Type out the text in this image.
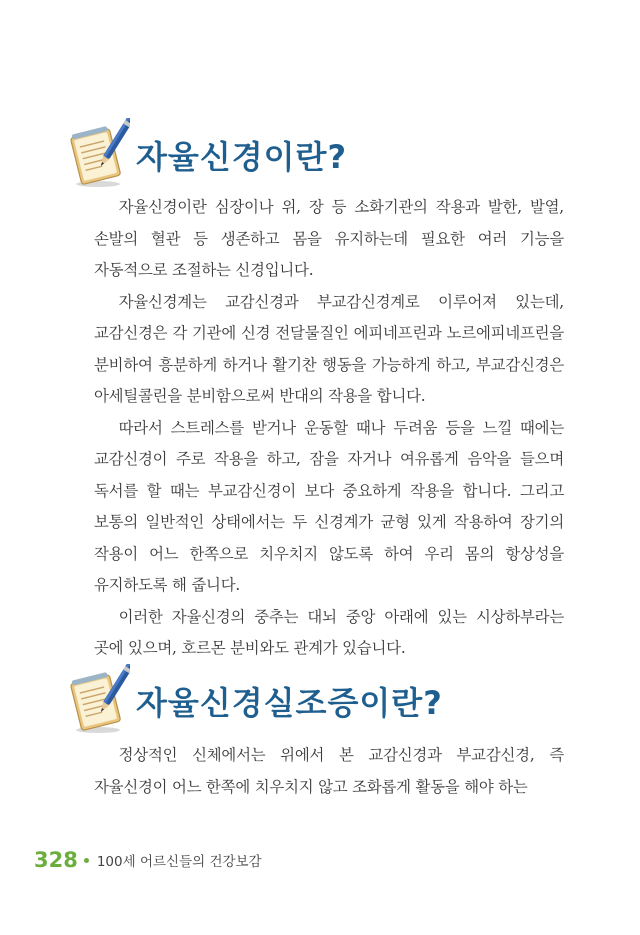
자율신경이란?

자율신경이란 심장이나 위, 장 등 소화기관의 작용과 발한, 발열, 손발의 혈관 등 생존하고 몸을 유지하는데 필요한 여러 기능을 자동적으로 조절하는 신경입니다.

자율신경계는 교감신경과 부교감신경계로 이루어져 있는데, 교감신경은 각 기관에 신경 전달물질인 에피네프린과 노르에피네프린을 분비하여 흥분하게 하거나 활기찬 행동을 가능하게 하고, 부교감신경은 아세틸콜린을 분비함으로써 반대의 작용을 합니다.

따라서 스트레스를 받거나 운동할 때나 두려움 등을 느낄 때에는 교감신경이 주로 작용을 하고, 잠을 자거나 여유롭게 음악을 들으며 독서를 할 때는 부교감신경이 보다 중요하게 작용을 합니다. 그리고 보통의 일반적인 상태에서는 두 신경계가 균형 있게 작용하여 장기의 작용이 어느 한쪽으로 치우치지 않도록 하여 우리 몸의 항상성을 유지하도록 해 줍니다.

이러한 자율신경의 중추는 대뇌 중앙 아래에 있는 시상하부라는 곳에 있으며, 호르몬 분비와도 관계가 있습니다.

자율신경실조증이란?

정상적인 신체에서는 위에서 본 교감신경과 부교감신경, 즉 자율신경이 어느 한쪽에 치우치지 않고 조화롭게 활동을 해야 하는

328 100세 어르신들의 건강보감
